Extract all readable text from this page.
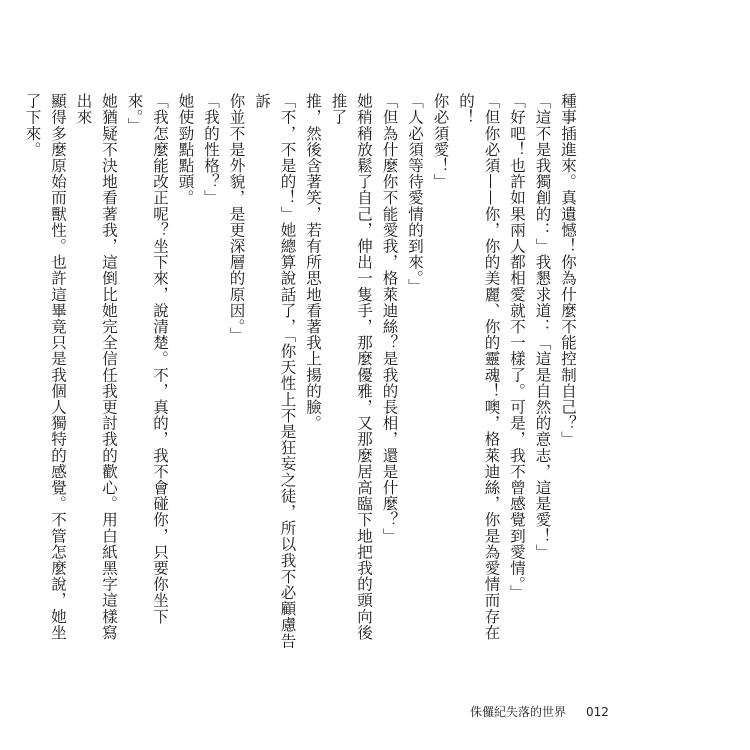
種事插進來。真遺憾！你為什麼不能控制自己？」

「這不是我獨創的：」我懇求道：「這是自然的意志，這是愛！」

「好吧！也許如果兩人都相愛就不一樣了。可是，我不曾感覺到愛情。」

「但你必須——你，你的美麗、你的靈魂！噢，格萊迪絲，你是為愛情而存在的！

你必須愛！」

「人必須等待愛情的到來。」

「但為什麼你不能愛我，格萊迪絲？是我的長相，還是什麼？」

她稍稍放鬆了自己，伸出一隻手，那麼優雅，又那麼居高臨下地把我的頭向後推了

推，然後含著笑，若有所思地看著我上揚的臉。

「不，不是的！」她總算說話了，「你天性上不是狂妄之徒，所以我不必顧慮告訴

你並不是外貌，是更深層的原因。」

「我的性格？」

她使勁點點頭。

「我怎麼能改正呢？坐下來，說清楚。不，真的，我不會碰你，只要你坐下來。」

她猶疑不決地看著我，這倒比她完全信任我更討我的歡心。用白紙黑字這樣寫出來

顯得多麼原始而獸性。也許這畢竟只是我個人獨特的感覺。不管怎麼說，她坐了下來。

侏儸紀失落的世界 012
